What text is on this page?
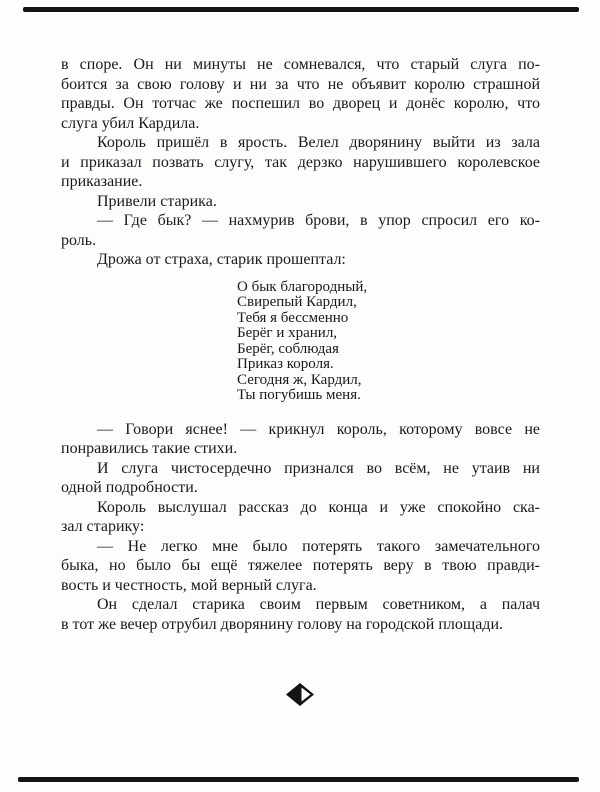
в споре. Он ни минуты не сомневался, что старый слуга по-

боится за свою голову и ни за что не объявит королю страшной

правды. Он тотчас же поспешил во дворец и донёс королю, что

слуга убил Кардила.

Король пришёл в ярость. Велел дворянину выйти из зала

и приказал позвать слугу, так дерзко нарушившего королевское

приказание.

Привели старика.

— Где бык? — нахмурив брови, в упор спросил его ко-

роль.

Дрожа от страха, старик прошептал:

О бык благородный,

Свирепый Кардил,

Тебя я бессменно

Берёг и хранил,

Берёг, соблюдая

Приказ короля.

Сегодня ж, Кардил,

Ты погубишь меня.

— Говори яснее! — крикнул король, которому вовсе не

понравились такие стихи.

И слуга чистосердечно признался во всём, не утаив ни

одной подробности.

Король выслушал рассказ до конца и уже спокойно ска-

зал старику:

— Не легко мне было потерять такого замечательного

быка, но было бы ещё тяжелее потерять веру в твою правди-

вость и честность, мой верный слуга.

Он сделал старика своим первым советником, а палач

в тот же вечер отрубил дворянину голову на городской площади.
